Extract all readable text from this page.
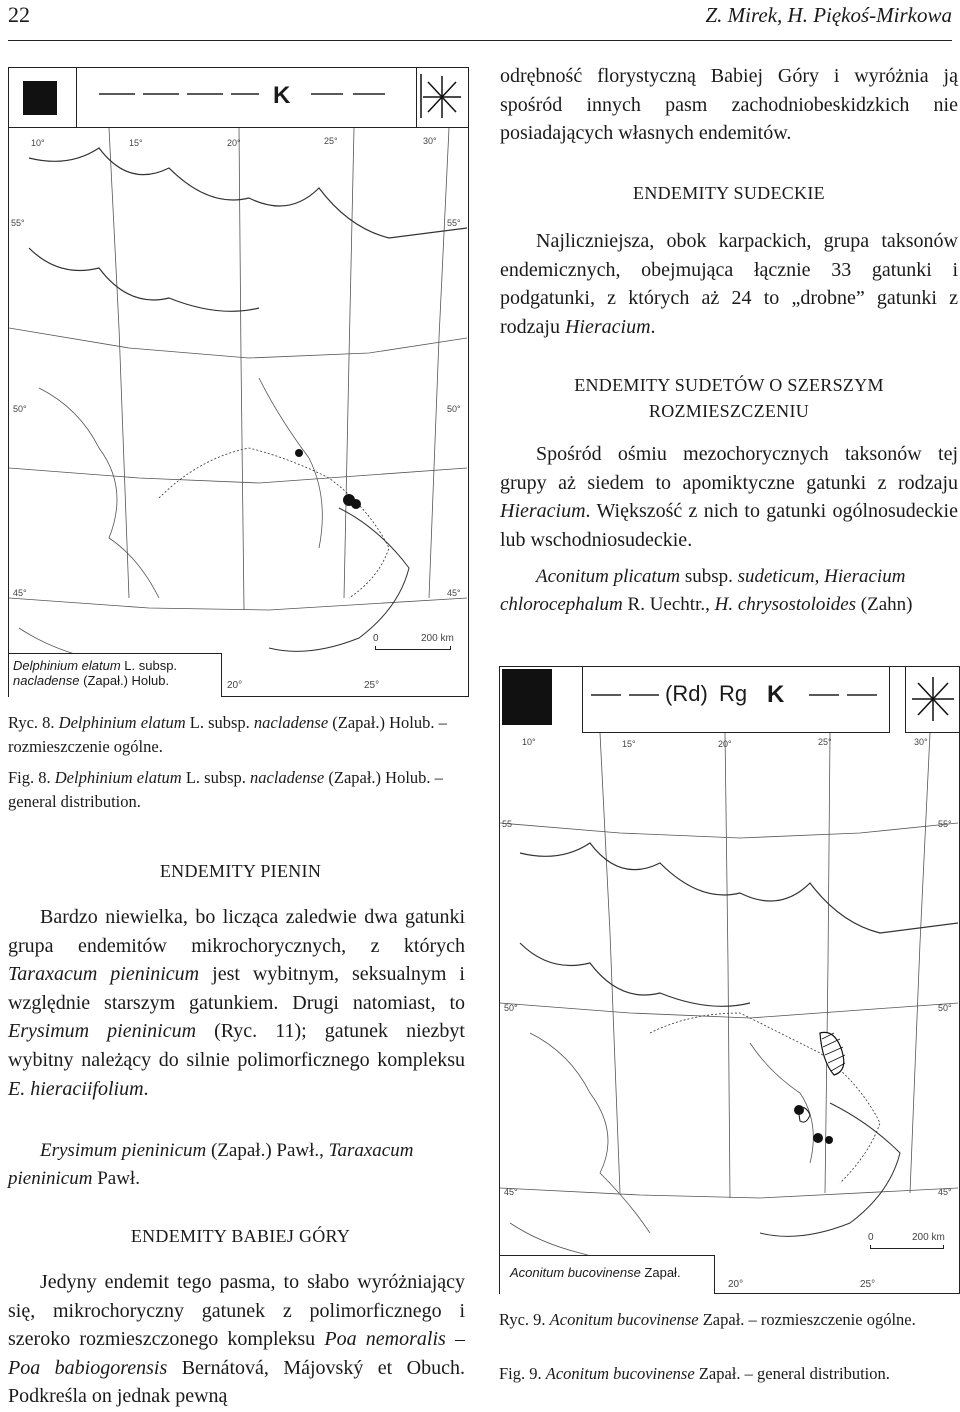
22	Z. Mirek, H. Piękoś-Mirkowa
K
10°	15°	20°	25°	30°
55°	55°
50°	50°
45°	45°
0	200 km
20°	25°
Delphinium elatum L. subsp.
nacladense (Zapał.) Holub.
Ryc. 8. Delphinium elatum L. subsp. nacladense (Zapał.) Holub. – rozmieszczenie ogólne.
Fig. 8. Delphinium elatum L. subsp. nacladense (Zapał.) Holub. – general distribution.

odrębność florystyczną Babiej Góry i wyróżnia ją spośród innych pasm zachodniobeskidzkich nie posiadających własnych endemitów.

ENDEMITY SUDECKIE

Najliczniejsza, obok karpackich, grupa taksonów endemicznych, obejmująca łącznie 33 gatunki i podgatunki, z których aż 24 to „drobne” gatunki z rodzaju Hieracium.

ENDEMITY SUDETÓW O SZERSZYM
ROZMIESZCZENIU

Spośród ośmiu mezochorycznych taksonów tej grupy aż siedem to apomiktyczne gatunki z rodzaju Hieracium. Większość z nich to gatunki ogólnosudeckie lub wschodniosudeckie.

Aconitum plicatum subsp. sudeticum, Hieracium chlorocephalum R. Uechtr., H. chrysostoloides (Zahn)
(Rd) Rg K
10°	15°	20°	25°	30°
55	55°
50°	50°
45°	45°
0	200 km
20°	25°
Aconitum bucovinense Zapał.
Ryc. 9. Aconitum bucovinense Zapał. – rozmieszczenie ogólne.
Fig. 9. Aconitum bucovinense Zapał. – general distribution.
ENDEMITY PIENIN

Bardzo niewielka, bo licząca zaledwie dwa gatunki grupa endemitów mikrochorycznych, z których Taraxacum pieninicum jest wybitnym, seksualnym i względnie starszym gatunkiem. Drugi natomiast, to Erysimum pieninicum (Ryc. 11); gatunek niezbyt wybitny należący do silnie polimorficznego kompleksu E. hieraciifolium.

Erysimum pieninicum (Zapał.) Pawł., Taraxacum pieninicum Pawł.
ENDEMITY BABIEJ GÓRY

Jedyny endemit tego pasma, to słabo wyróżniający się, mikrochoryczny gatunek z polimorficznego i szeroko rozmieszczonego kompleksu Poa nemoralis – Poa babiogorensis Bernátová, Májovský et Obuch. Podkreśla on jednak pewną
